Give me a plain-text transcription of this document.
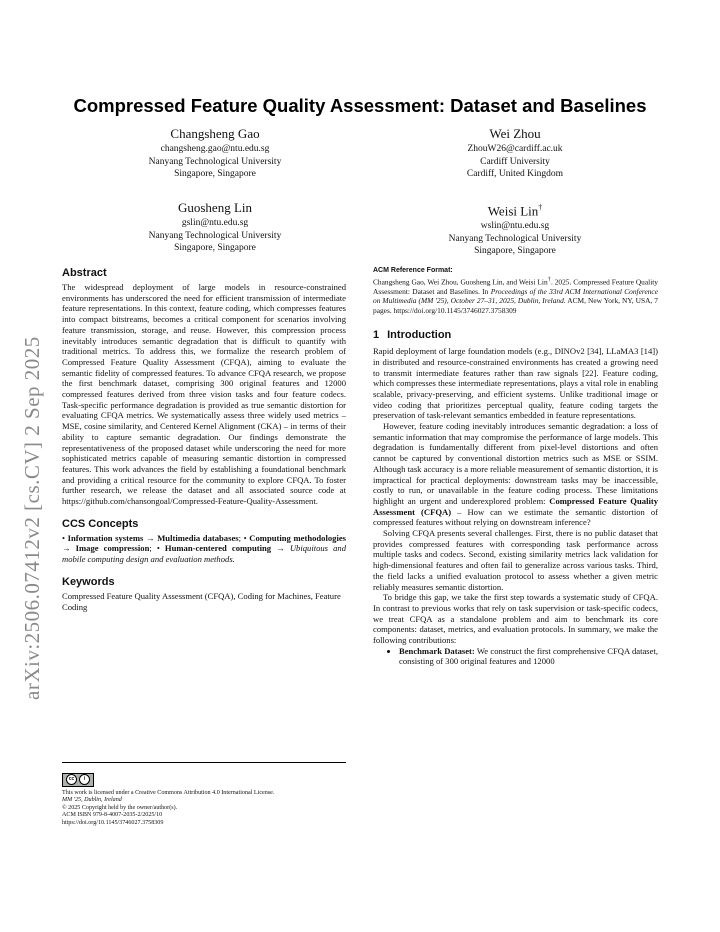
arXiv:2506.07412v2 [cs.CV] 2 Sep 2025
Compressed Feature Quality Assessment: Dataset and Baselines
Changsheng Gao
changsheng.gao@ntu.edu.sg
Nanyang Technological University
Singapore, Singapore
Wei Zhou
ZhouW26@cardiff.ac.uk
Cardiff University
Cardiff, United Kingdom
Guosheng Lin
gslin@ntu.edu.sg
Nanyang Technological University
Singapore, Singapore
Weisi Lin†
wslin@ntu.edu.sg
Nanyang Technological University
Singapore, Singapore
Abstract

The widespread deployment of large models in resource-constrained environments has underscored the need for efficient transmission of intermediate feature representations. In this context, feature coding, which compresses features into compact bitstreams, becomes a critical component for scenarios involving feature transmission, storage, and reuse. However, this compression process inevitably introduces semantic degradation that is difficult to quantify with traditional metrics. To address this, we formalize the research problem of Compressed Feature Quality Assessment (CFQA), aiming to evaluate the semantic fidelity of compressed features. To advance CFQA research, we propose the first benchmark dataset, comprising 300 original features and 12000 compressed features derived from three vision tasks and four feature codecs. Task-specific performance degradation is provided as true semantic distortion for evaluating CFQA metrics. We systematically assess three widely used metrics – MSE, cosine similarity, and Centered Kernel Alignment (CKA) – in terms of their ability to capture semantic degradation. Our findings demonstrate the representativeness of the proposed dataset while underscoring the need for more sophisticated metrics capable of measuring semantic distortion in compressed features. This work advances the field by establishing a foundational benchmark and providing a critical resource for the community to explore CFQA. To foster further research, we release the dataset and all associated source code at https://github.com/chansongoal/Compressed-Feature-Quality-Assessment.

CCS Concepts

• Information systems → Multimedia databases; • Computing methodologies → Image compression; • Human-centered computing → Ubiquitous and mobile computing design and evaluation methods.

Keywords

Compressed Feature Quality Assessment (CFQA), Coding for Machines, Feature Coding

cc	i
This work is licensed under a Creative Commons Attribution 4.0 International License.
MM '25, Dublin, Ireland
© 2025 Copyright held by the owner/author(s).
ACM ISBN 979-8-4007-2035-2/2025/10
https://doi.org/10.1145/3746027.3758309
ACM Reference Format:
Changsheng Gao, Wei Zhou, Guosheng Lin, and Weisi Lin†. 2025. Compressed Feature Quality Assessment: Dataset and Baselines. In Proceedings of the 33rd ACM International Conference on Multimedia (MM '25), October 27–31, 2025, Dublin, Ireland. ACM, New York, NY, USA, 7 pages. https://doi.org/10.1145/3746027.3758309
1 Introduction

Rapid deployment of large foundation models (e.g., DINOv2 [34], LLaMA3 [14]) in distributed and resource-constrained environments has created a growing need to transmit intermediate features rather than raw signals [22]. Feature coding, which compresses these intermediate representations, plays a vital role in enabling scalable, privacy-preserving, and efficient systems. Unlike traditional image or video coding that prioritizes perceptual quality, feature coding targets the preservation of task-relevant semantics embedded in feature representations.

However, feature coding inevitably introduces semantic degradation: a loss of semantic information that may compromise the performance of large models. This degradation is fundamentally different from pixel-level distortions and often cannot be captured by conventional distortion metrics such as MSE or SSIM. Although task accuracy is a more reliable measurement of semantic distortion, it is impractical for practical deployments: downstream tasks may be inaccessible, costly to run, or unavailable in the feature coding process. These limitations highlight an urgent and underexplored problem: Compressed Feature Quality Assessment (CFQA) – How can we estimate the semantic distortion of compressed features without relying on downstream inference?

Solving CFQA presents several challenges. First, there is no public dataset that provides compressed features with corresponding task performance across multiple tasks and codecs. Second, existing similarity metrics lack validation for high-dimensional features and often fail to generalize across various tasks. Third, the field lacks a unified evaluation protocol to assess whether a given metric reliably measures semantic distortion.

To bridge this gap, we take the first step towards a systematic study of CFQA. In contrast to previous works that rely on task supervision or task-specific codecs, we treat CFQA as a standalone problem and aim to benchmark its core components: dataset, metrics, and evaluation protocols. In summary, we make the following contributions:

• Benchmark Dataset: We construct the first comprehensive CFQA dataset, consisting of 300 original features and 12000
